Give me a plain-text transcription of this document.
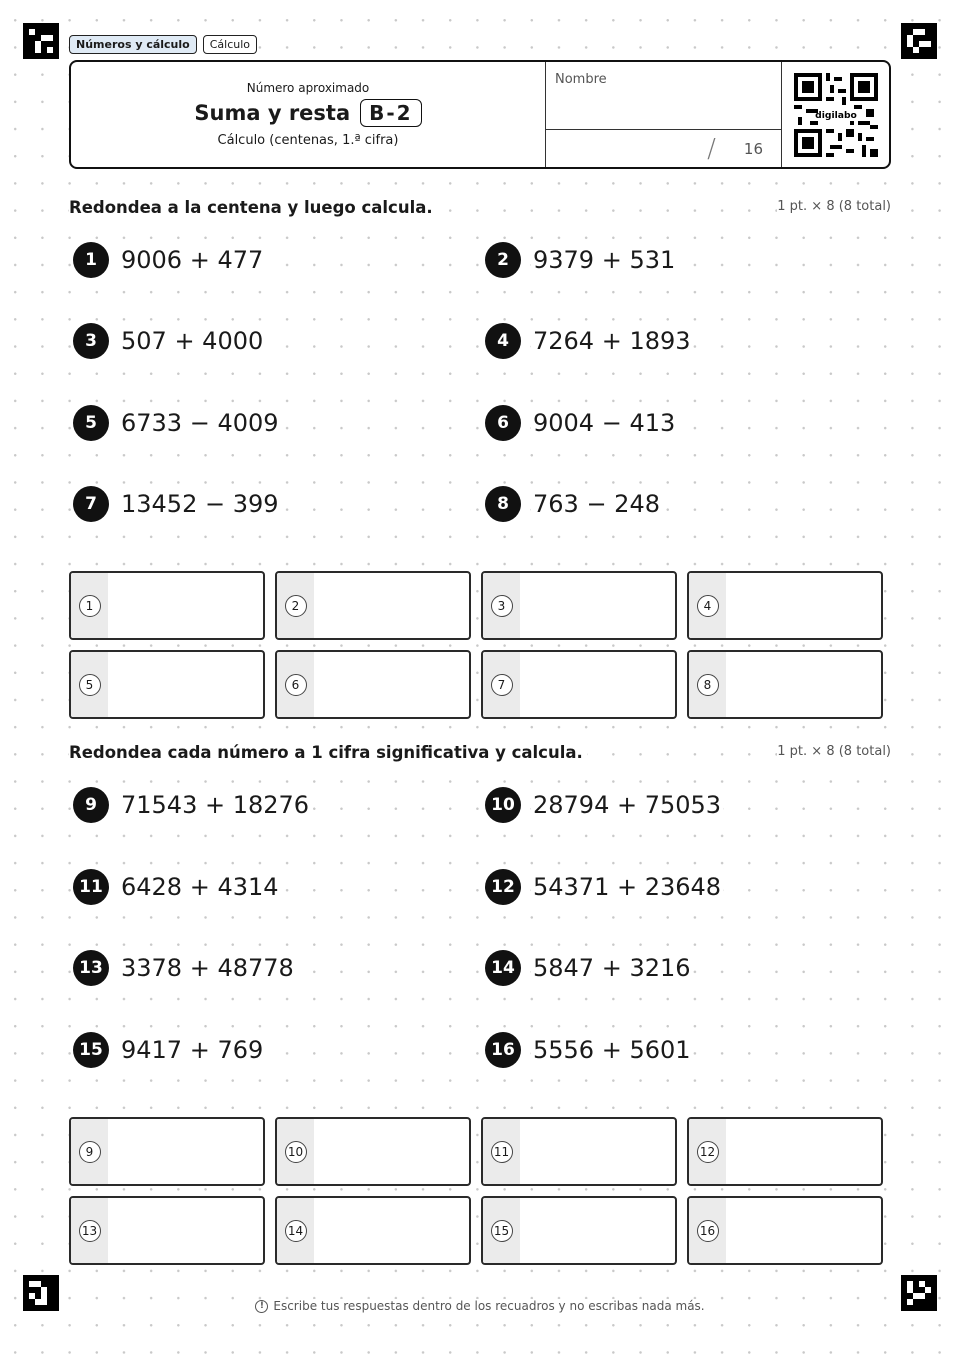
Números y cálculo	Cálculo
Número aproximado
Suma y resta B-2
Cálculo (centenas, 1.ª cifra)
Nombre
/ 16
digilabo
Redondea a la centena y luego calcula.	1 pt. × 8 (8 total)
1	9006 + 477	2	9379 + 531
3	507 + 4000	4	7264 + 1893
5	6733 − 4009	6	9004 − 413
7	13452 − 399	8	763 − 248
1	2	3	4
5	6	7	8
Redondea cada número a 1 cifra significativa y calcula.	1 pt. × 8 (8 total)
9	71543 + 18276	10 28794 + 75053
11 6428 + 4314	12 54371 + 23648
13 3378 + 48778	14 5847 + 3216
15 9417 + 769	16 5556 + 5601
9	10	11	12
13	14	15	16
! Escribe tus respuestas dentro de los recuadros y no escribas nada más.
